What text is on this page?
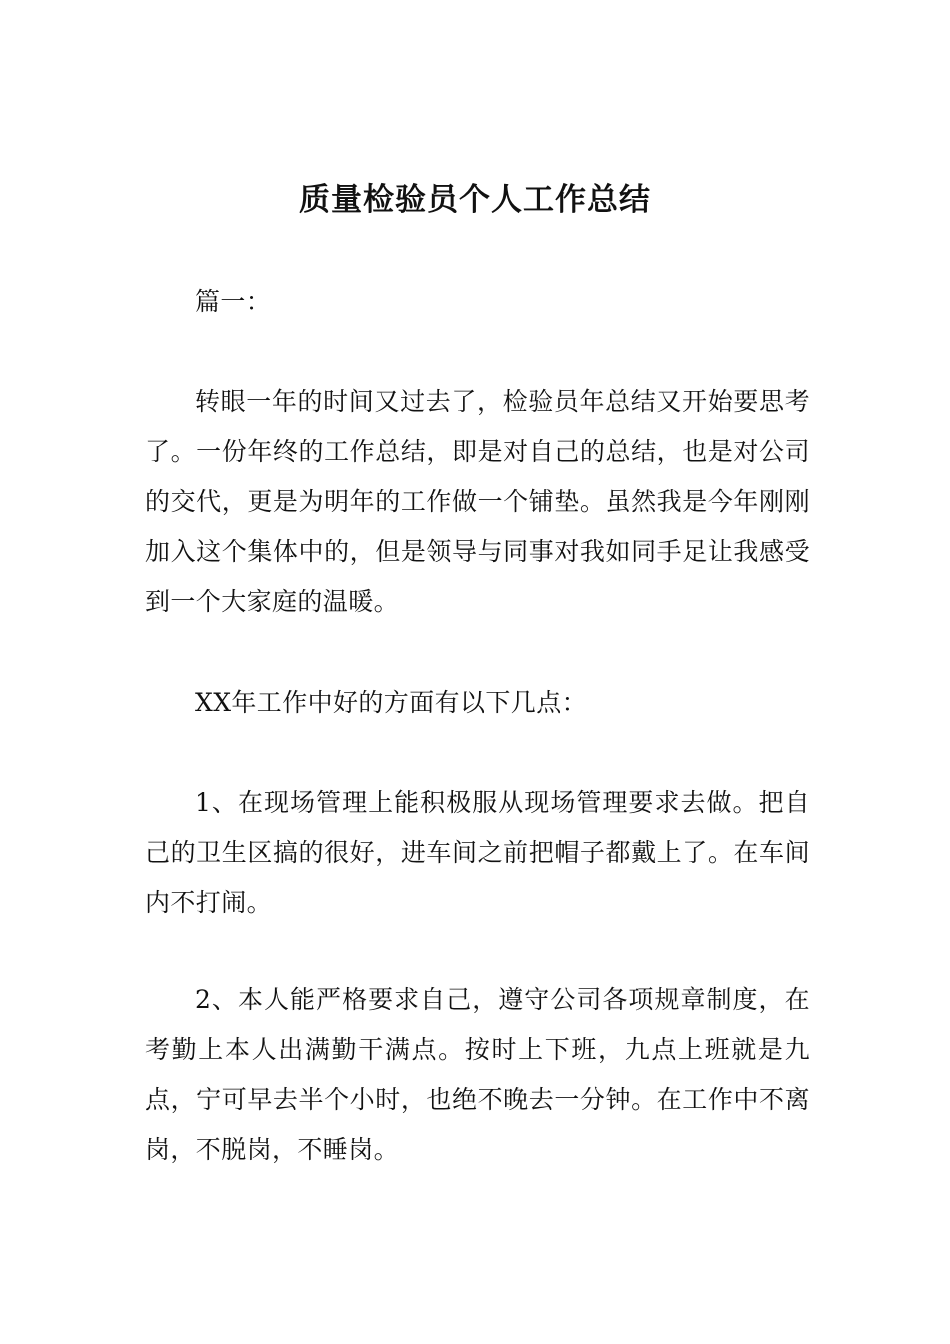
质量检验员个人工作总结

篇一：

转眼一年的时间又过去了，检验员年总结又开始要思考了。一份年终的工作总结，即是对自己的总结，也是对公司的交代，更是为明年的工作做一个铺垫。虽然我是今年刚刚加入这个集体中的，但是领导与同事对我如同手足让我感受到一个大家庭的温暖。

XX年工作中好的方面有以下几点：

1、在现场管理上能积极服从现场管理要求去做。把自己的卫生区搞的很好，进车间之前把帽子都戴上了。在车间内不打闹。

2、本人能严格要求自己，遵守公司各项规章制度，在考勤上本人出满勤干满点。按时上下班，九点上班就是九点，宁可早去半个小时，也绝不晚去一分钟。在工作中不离岗，不脱岗，不睡岗。
